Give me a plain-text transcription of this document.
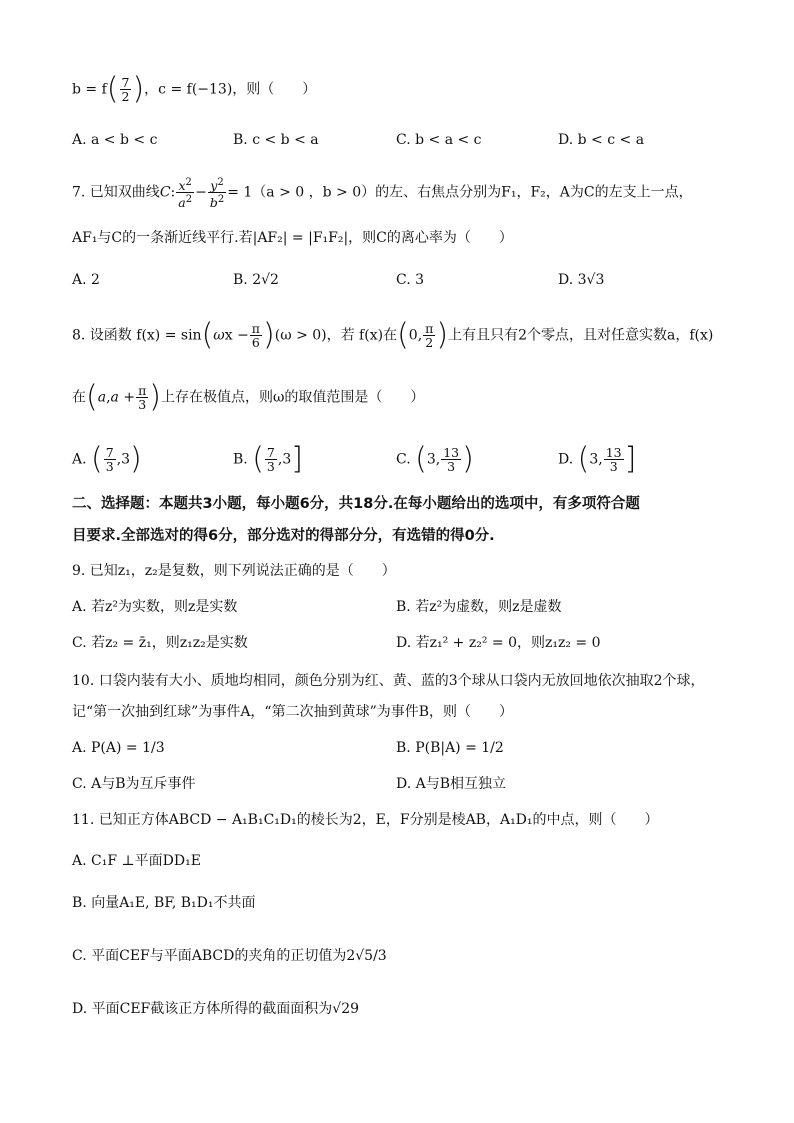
$b = f( \frac{7}{2}$ )，c = f(−13)，则（　　）
A. a < b < c	B. c < b < a	C. b < a < c	D. b < c < a
7. 已知双曲线C: $\frac{x^2}{a^2} - \frac{y^2}{b^2} = 1(a > 0$ ，b > 0）的左、右焦点分别为F₁，F₂，A为C的左支上一点，
AF₁与C的一条渐近线平行.若|AF₂| = |F₁F₂|，则C的离心率为（　　）
A. 2	B. 2√2	C. 3	D. 3√3
8. 设函数 $f(x) = \sin(\omega x - \frac{\pi}{6} )(\omega > 0)$，若 f(x)在(0, $\frac{\pi}{2}$ )上有且只有2个零点，且对任意实数a，f(x)
在($a,a + \frac{\pi}{3}$ )上存在极值点，则ω的取值范围是（　　）
A. ( $\frac{7}{3} ,3$)	B. ( $\frac{7}{3} ,3$]	C. (3, $\frac{13}{3}$ )	D. (3, $\frac{13}{3}$ ]
二、选择题：本题共3小题，每小题6分，共18分.在每小题给出的选项中，有多项符合题
目要求.全部选对的得6分，部分选对的得部分分，有选错的得0分.
9. 已知z₁，z₂是复数，则下列说法正确的是（　　）
A. 若z²为实数，则z是实数	B. 若z²为虚数，则z是虚数
C. 若z₂ = z̄₁，则z₁z₂是实数	D. 若z₁² + z₂² = 0，则z₁z₂ = 0
10. 口袋内装有大小、质地均相同，颜色分别为红、黄、蓝的3个球从口袋内无放回地依次抽取2个球，
记“第一次抽到红球”为事件A，“第二次抽到黄球”为事件B，则（　　）
A. P(A) = 1/3	B. P(B|A) = 1/2
C. A与B为互斥事件	D. A与B相互独立
11. 已知正方体ABCD − A₁B₁C₁D₁的棱长为2，E，F分别是棱AB，A₁D₁的中点，则（　　）
A. C₁F ⊥平面DD₁E
B. 向量A₁E, BF, B₁D₁不共面
C. 平面CEF与平面ABCD的夹角的正切值为2√5/3
D. 平面CEF截该正方体所得的截面面积为√29
